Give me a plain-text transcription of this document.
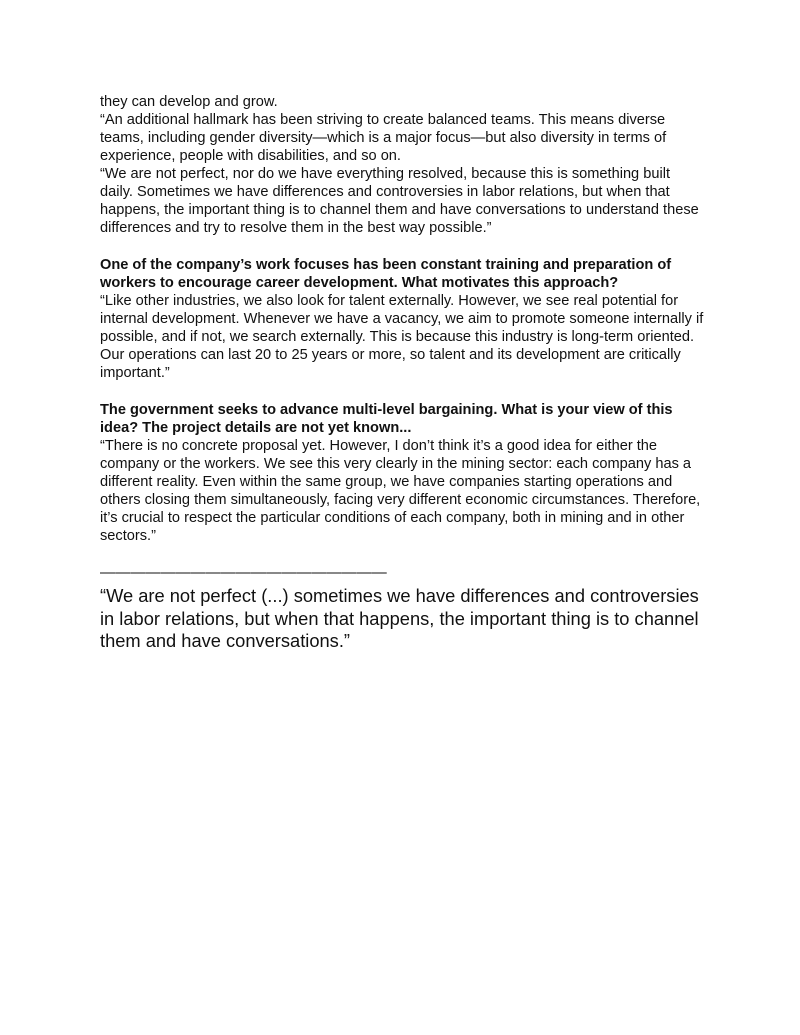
they can develop and grow.

“An additional hallmark has been striving to create balanced teams. This means diverse teams, including gender diversity—which is a major focus—but also diversity in terms of experience, people with disabilities, and so on.

“We are not perfect, nor do we have everything resolved, because this is something built daily. Sometimes we have differences and controversies in labor relations, but when that happens, the important thing is to channel them and have conversations to understand these differences and try to resolve them in the best way possible.”

One of the company’s work focuses has been constant training and preparation of workers to encourage career development. What motivates this approach?

“Like other industries, we also look for talent externally. However, we see real potential for internal development. Whenever we have a vacancy, we aim to promote someone internally if possible, and if not, we search externally. This is because this industry is long-term oriented. Our operations can last 20 to 25 years or more, so talent and its development are critically important.”

The government seeks to advance multi-level bargaining. What is your view of this idea? The project details are not yet known...

“There is no concrete proposal yet. However, I don’t think it’s a good idea for either the company or the workers. We see this very clearly in the mining sector: each company has a different reality. Even within the same group, we have companies starting operations and others closing them simultaneously, facing very different economic circumstances. Therefore, it’s crucial to respect the particular conditions of each company, both in mining and in other sectors.”

———————————————————

“We are not perfect (...) sometimes we have differences and controversies in labor relations, but when that happens, the important thing is to channel them and have conversations.”
